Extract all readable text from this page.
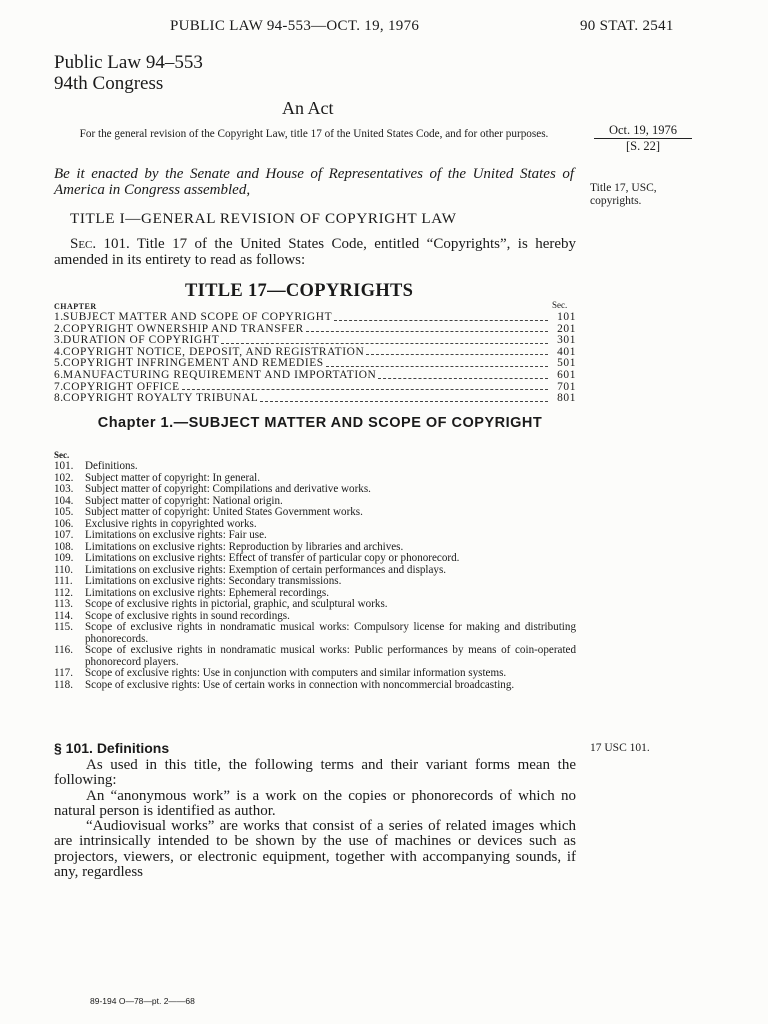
PUBLIC LAW 94-553—OCT. 19, 1976	90 STAT. 2541
Public Law 94–553
94th Congress
An Act
For the general revision of the Copyright Law, title 17 of the United States Code, and for other purposes.
Be it enacted by the Senate and House of Representatives of the United States of America in Congress assembled,
TITLE I—GENERAL REVISION OF COPYRIGHT LAW
Sec. 101. Title 17 of the United States Code, entitled “Copyrights”, is hereby amended in its entirety to read as follows:
TITLE 17—COPYRIGHTS
CHAPTER	Sec.
1. SUBJECT MATTER AND SCOPE OF COPYRIGHT	101
2. COPYRIGHT OWNERSHIP AND TRANSFER	201
3. DURATION OF COPYRIGHT	301
4. COPYRIGHT NOTICE, DEPOSIT, AND REGISTRATION	401
5. COPYRIGHT INFRINGEMENT AND REMEDIES	501
6. MANUFACTURING REQUIREMENT AND IMPORTATION	601
7. COPYRIGHT OFFICE	701
8. COPYRIGHT ROYALTY TRIBUNAL	801
Chapter 1.—SUBJECT MATTER AND SCOPE OF COPYRIGHT
Sec.
101. Definitions.
102. Subject matter of copyright: In general.
103. Subject matter of copyright: Compilations and derivative works.
104. Subject matter of copyright: National origin.
105. Subject matter of copyright: United States Government works.
106. Exclusive rights in copyrighted works.
107. Limitations on exclusive rights: Fair use.
108. Limitations on exclusive rights: Reproduction by libraries and archives.
109. Limitations on exclusive rights: Effect of transfer of particular copy or phonorecord.
110. Limitations on exclusive rights: Exemption of certain performances and displays.
111. Limitations on exclusive rights: Secondary transmissions.
112. Limitations on exclusive rights: Ephemeral recordings.
113. Scope of exclusive rights in pictorial, graphic, and sculptural works.
114. Scope of exclusive rights in sound recordings.
115. Scope of exclusive rights in nondramatic musical works: Compulsory license for making and distributing phonorecords.
116. Scope of exclusive rights in nondramatic musical works: Public performances by means of coin-operated phonorecord players.
117. Scope of exclusive rights: Use in conjunction with computers and similar information systems.
118. Scope of exclusive rights: Use of certain works in connection with noncommercial broadcasting.
§ 101. Definitions

As used in this title, the following terms and their variant forms mean the following:

An “anonymous work” is a work on the copies or phonorecords of which no natural person is identified as author.

“Audiovisual works” are works that consist of a series of related images which are intrinsically intended to be shown by the use of machines or devices such as projectors, viewers, or electronic equipment, together with accompanying sounds, if any, regardless

Oct. 19, 1976
[S. 22]
Title 17, USC, copyrights.
17 USC 101.
89-194 O—78—pt. 2——68
